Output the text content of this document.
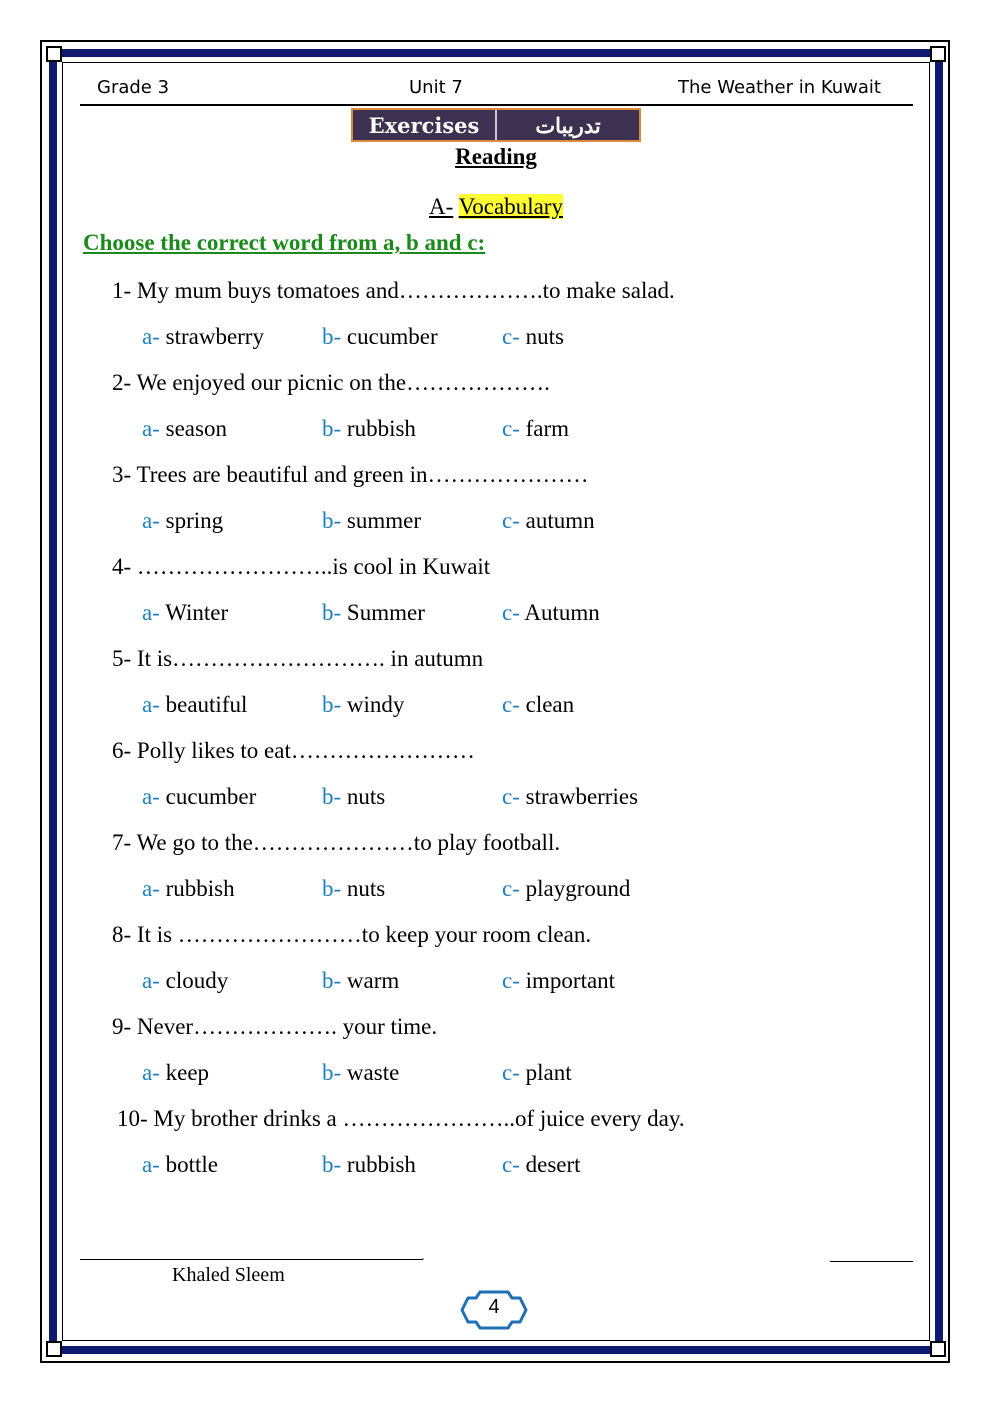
Grade 3	Unit 7	The Weather in Kuwait
Exercises	تدريبات
Reading
A- Vocabulary
Choose the correct word from a, b and c:
1- My mum buys tomatoes and……………….to make salad.
a- strawberry	b- cucumber	c- nuts
2- We enjoyed our picnic on the……………….
a- season	b- rubbish	c- farm
3- Trees are beautiful and green in…………………
a- spring	b- summer	c- autumn
4- ……………………..is cool in Kuwait
a- Winter	b- Summer	c- Autumn
5- It is………………………. in autumn
a- beautiful	b- windy	c- clean
6- Polly likes to eat……………………
a- cucumber	b- nuts	c- strawberries
7- We go to the…………………to play football.
a- rubbish	b- nuts	c- playground
8- It is ……………………to keep your room clean.
a- cloudy	b- warm	c- important
9- Never………………. your time.
a- keep	b- waste	c- plant
10- My brother drinks a …………………..of juice every day.
a- bottle	b- rubbish	c- desert
.
Khaled Sleem
4
